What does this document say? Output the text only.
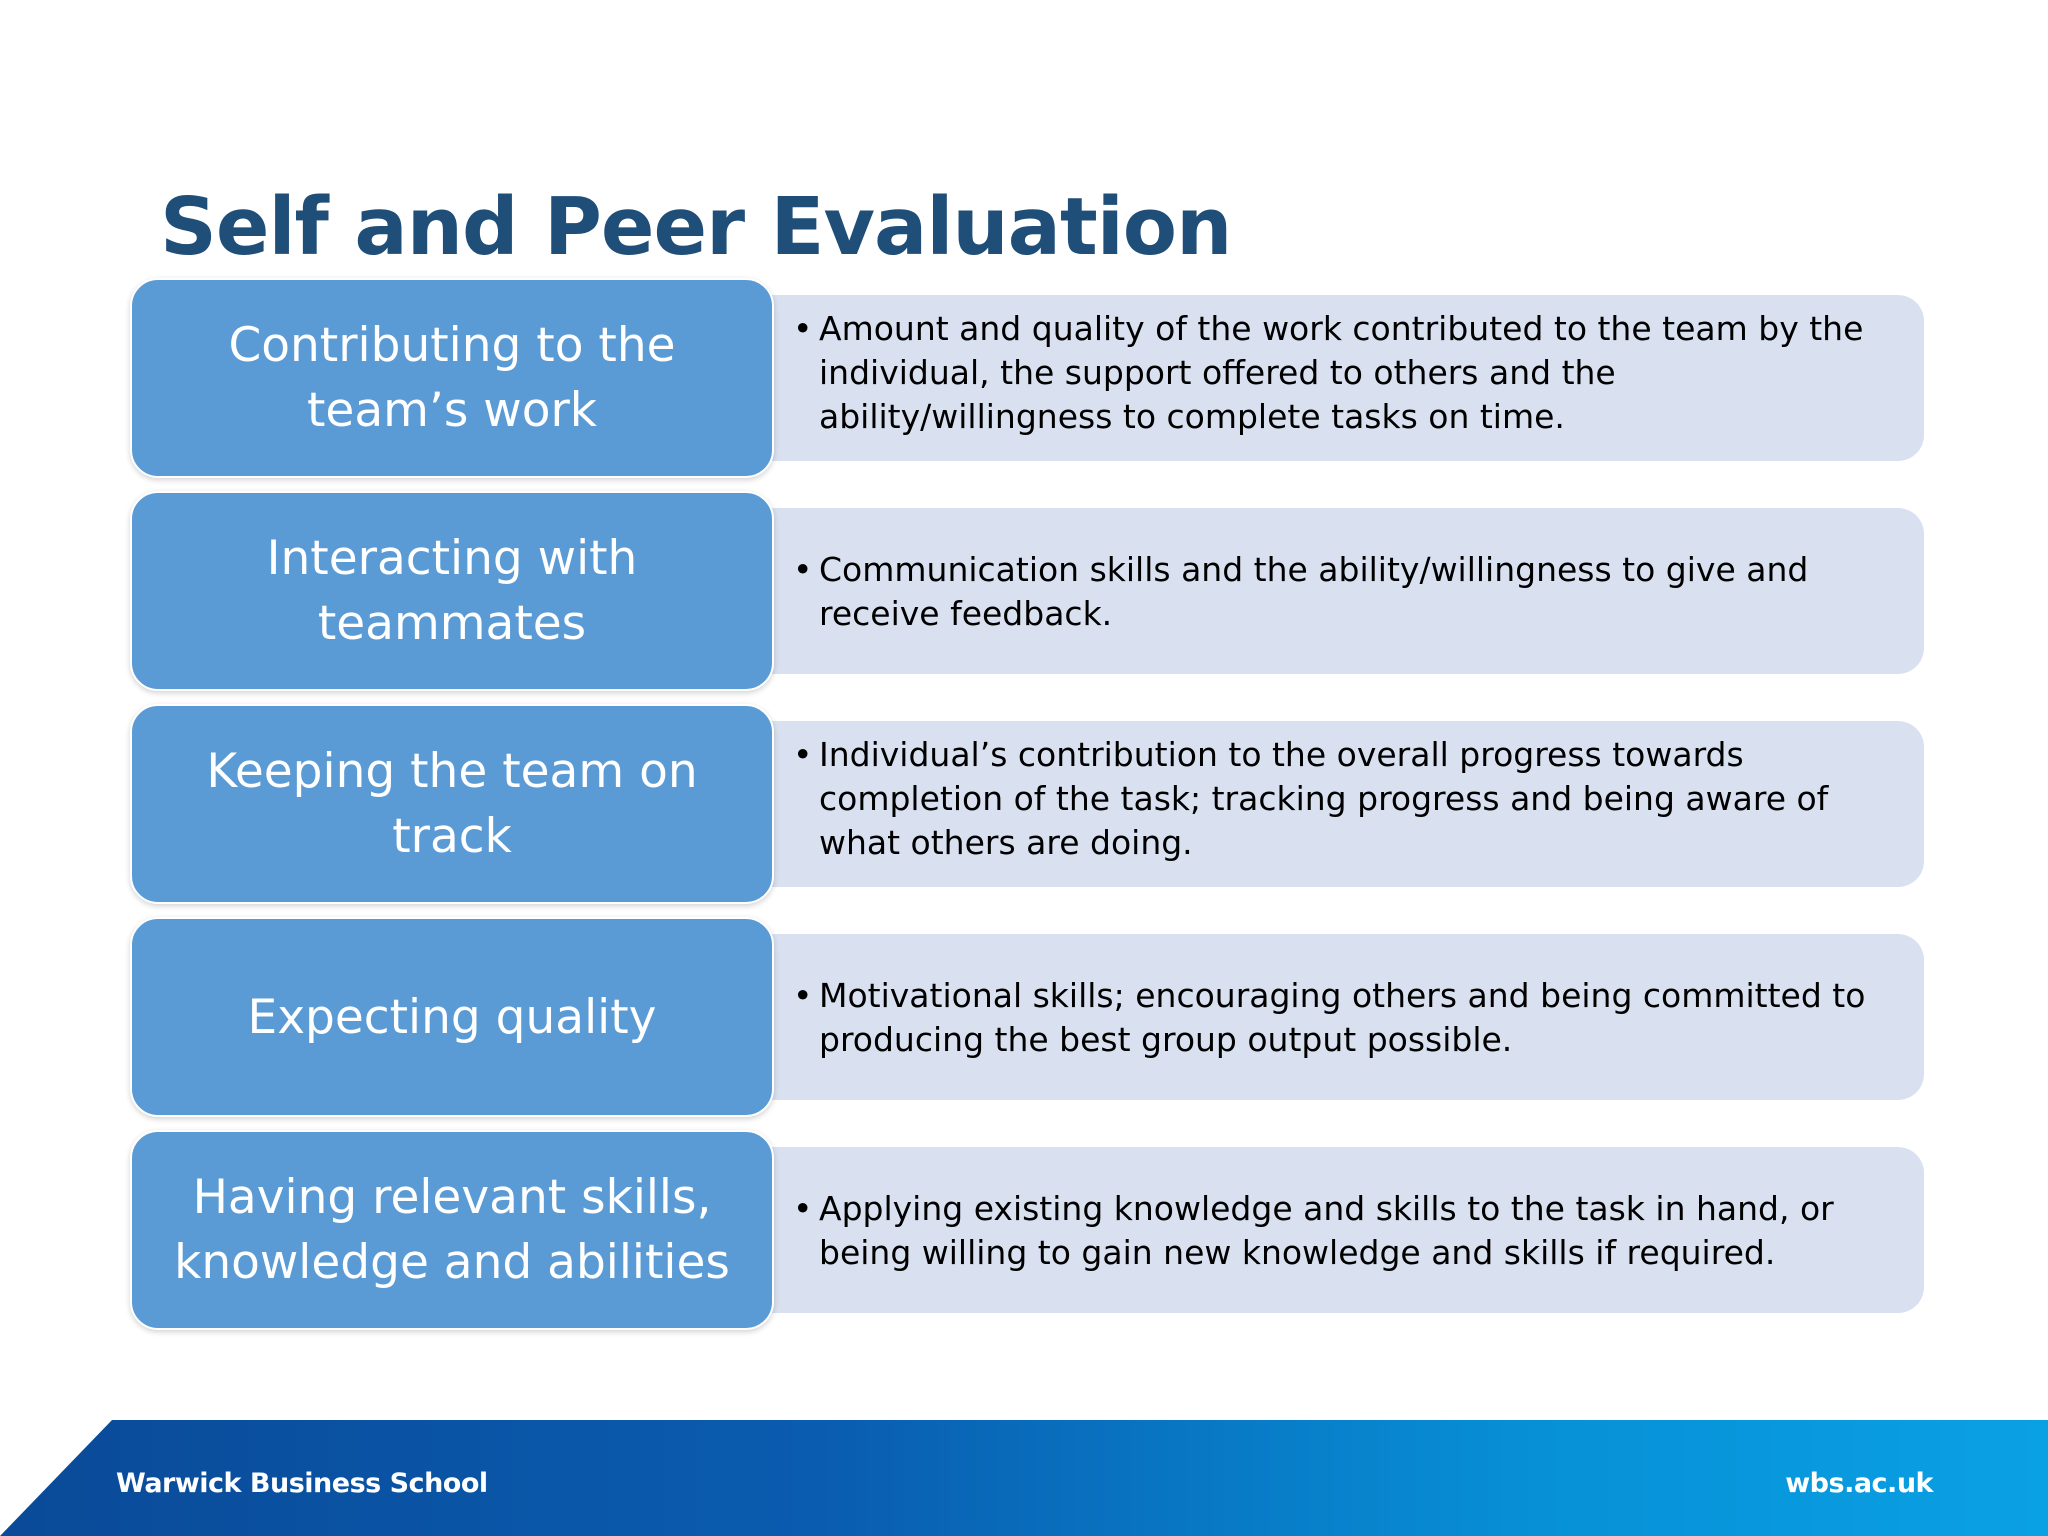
Self and Peer Evaluation
Contributing to the team’s work
• Amount and quality of the work contributed to the team by the individual, the support offered to others and the ability/willingness to complete tasks on time.
Interacting with teammates
• Communication skills and the ability/willingness to give and receive feedback.
Keeping the team on track
• Individual’s contribution to the overall progress towards completion of the task; tracking progress and being aware of what others are doing.
Expecting quality
•	Motivational skills; encouraging others and being committed to producing the best group output possible.
Having relevant skills, knowledge and abilities
• Applying existing knowledge and skills to the task in hand, or being willing to gain new knowledge and skills if required.
Warwick Business School	wbs.ac.uk
